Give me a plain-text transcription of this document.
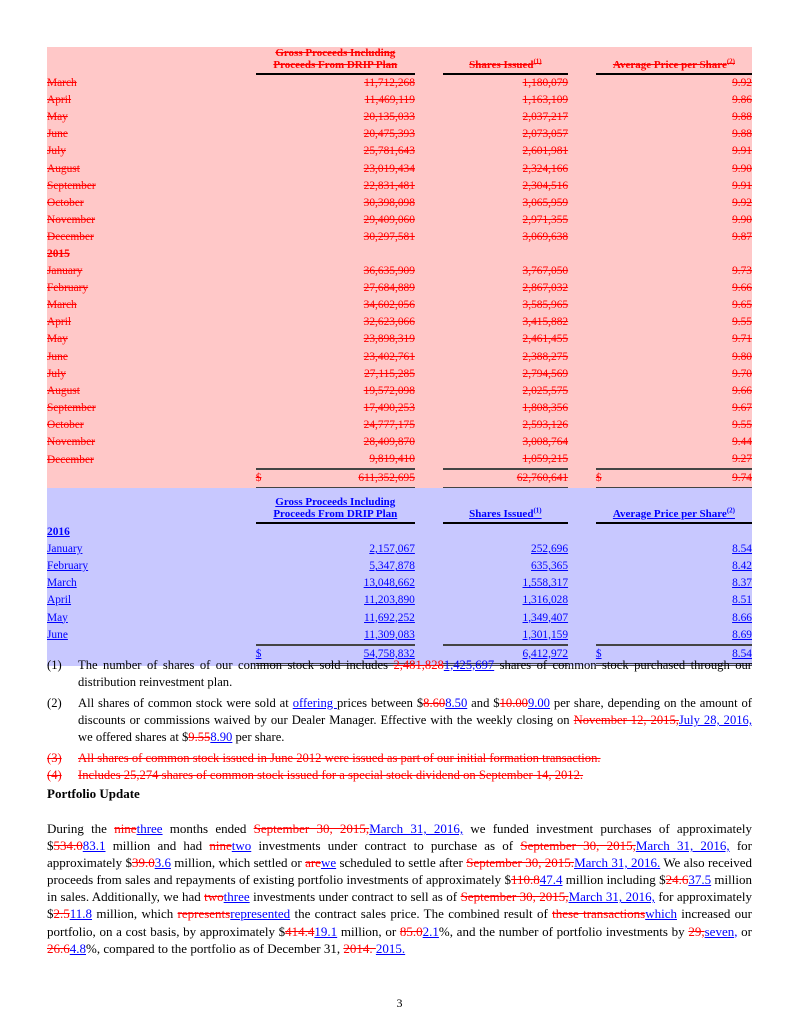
	Gross Proceeds Including
Proceeds From DRIP Plan			Shares Issued$^{(1)}$		Average Price per Share$^{(2)}$
March		11,712,268		1,180,079			9.92
April		11,469,119		1,163,109			9.86
May		20,135,033		2,037,217			9.88
June		20,475,393		2,073,057			9.88
July		25,781,643		2,601,981			9.91
August		23,019,434		2,324,166			9.90
September		22,831,481		2,304,516			9.91
October		30,398,098		3,065,959			9.92
November		29,409,060		2,971,355			9.90
December		30,297,581		3,069,638			9.87
2015							
January		36,635,909		3,767,050			9.73
February		27,684,889		2,867,032			9.66
March		34,602,056		3,585,965			9.65
April		32,623,066		3,415,882			9.55
May		23,898,319		2,461,455			9.71
June		23,402,761		2,388,275			9.80
July		27,115,285		2,794,569			9.70
August		19,572,098		2,025,575			9.66
September		17,490,253		1,808,356			9.67
October		24,777,175		2,593,126			9.55
November		28,409,870		3,008,764			9.44
December		9,819,410		1,059,215			9.27
	$	611,352,695		62,760,641		$	9.74
	Gross Proceeds Including
Proceeds From DRIP Plan			Shares Issued$^{(1)}$		Average Price per Share$^{(2)}$
2016							
January		2,157,067		252,696			8.54
February		5,347,878		635,365			8.42
March		13,048,662		1,558,317			8.37
April		11,203,890		1,316,028			8.51
May		11,692,252		1,349,407			8.66
June		11,309,083		1,301,159			8.69
	$	54,758,832		6,412,972		$	8.54
(1)	The number of shares of our common stock sold includes 2,481,8281,425,697 shares of common stock purchased through our distribution reinvestment plan.
(2)	All shares of common stock were sold at offering prices between $8.608.50 and $10.009.00 per share, depending on the amount of discounts or commissions waived by our Dealer Manager. Effective with the weekly closing on November 12, 2015,July 28, 2016, we offered shares at $9.558.90 per share.
(3)	All shares of common stock issued in June 2012 were issued as part of our initial formation transaction.
(4)	Includes 25,274 shares of common stock issued for a special stock dividend on September 14, 2012.
Portfolio Update
During the ninethree months ended September 30, 2015,March 31, 2016, we funded investment purchases of approximately $534.083.1 million and had ninetwo investments under contract to purchase as of September 30, 2015,March 31, 2016, for approximately $39.03.6 million, which settled or arewe scheduled to settle after September 30, 2015.March 31, 2016. We also received proceeds from sales and repayments of existing portfolio investments of approximately $110.847.4 million including $24.637.5 million in sales. Additionally, we had twothree investments under contract to sell as of September 30, 2015,March 31, 2016, for approximately $2.511.8 million, which representsrepresented the contract sales price. The combined result of these transactionswhich increased our portfolio, on a cost basis, by approximately $414.419.1 million, or 85.02.1%, and the number of portfolio investments by 29,seven, or 26.64.8%, compared to the portfolio as of December 31, 2014. 2015.
3
